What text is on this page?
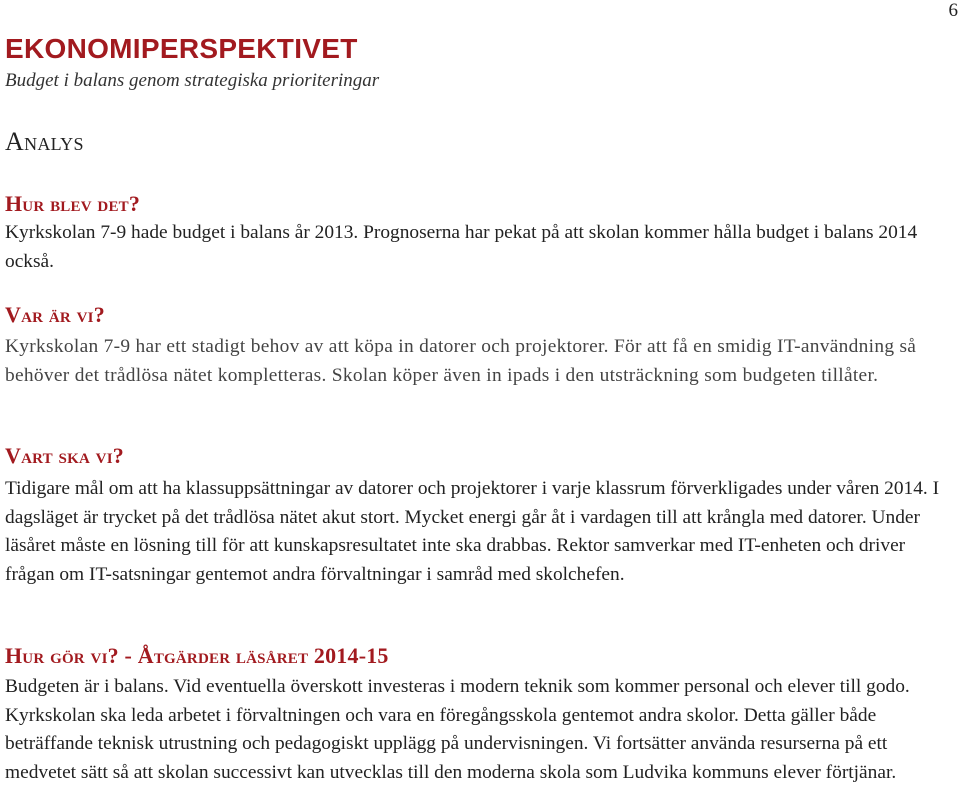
6
EKONOMIPERSPEKTIVET
Budget i balans genom strategiska prioriteringar
Analys
Hur blev det?

Kyrkskolan 7-9 hade budget i balans år 2013. Prognoserna har pekat på att skolan kommer hålla budget i balans 2014 också.

Var är vi?

Kyrkskolan 7-9 har ett stadigt behov av att köpa in datorer och projektorer. För att få en smidig IT-användning så behöver det trådlösa nätet kompletteras. Skolan köper även in ipads i den utsträckning som budgeten tillåter.

Vart ska vi?

Tidigare mål om att ha klassuppsättningar av datorer och projektorer i varje klassrum förverkligades under våren 2014. I dagsläget är trycket på det trådlösa nätet akut stort. Mycket energi går åt i vardagen till att krångla med datorer. Under läsåret måste en lösning till för att kunskapsresultatet inte ska drabbas. Rektor samverkar med IT-enheten och driver frågan om IT-satsningar gentemot andra förvaltningar i samråd med skolchefen.

Hur gör vi? - Åtgärder läsåret 2014-15

Budgeten är i balans. Vid eventuella överskott investeras i modern teknik som kommer personal och elever till godo. Kyrkskolan ska leda arbetet i förvaltningen och vara en föregångsskola gentemot andra skolor. Detta gäller både beträffande teknisk utrustning och pedagogiskt upplägg på undervisningen. Vi fortsätter använda resurserna på ett medvetet sätt så att skolan successivt kan utvecklas till den moderna skola som Ludvika kommuns elever förtjänar.
